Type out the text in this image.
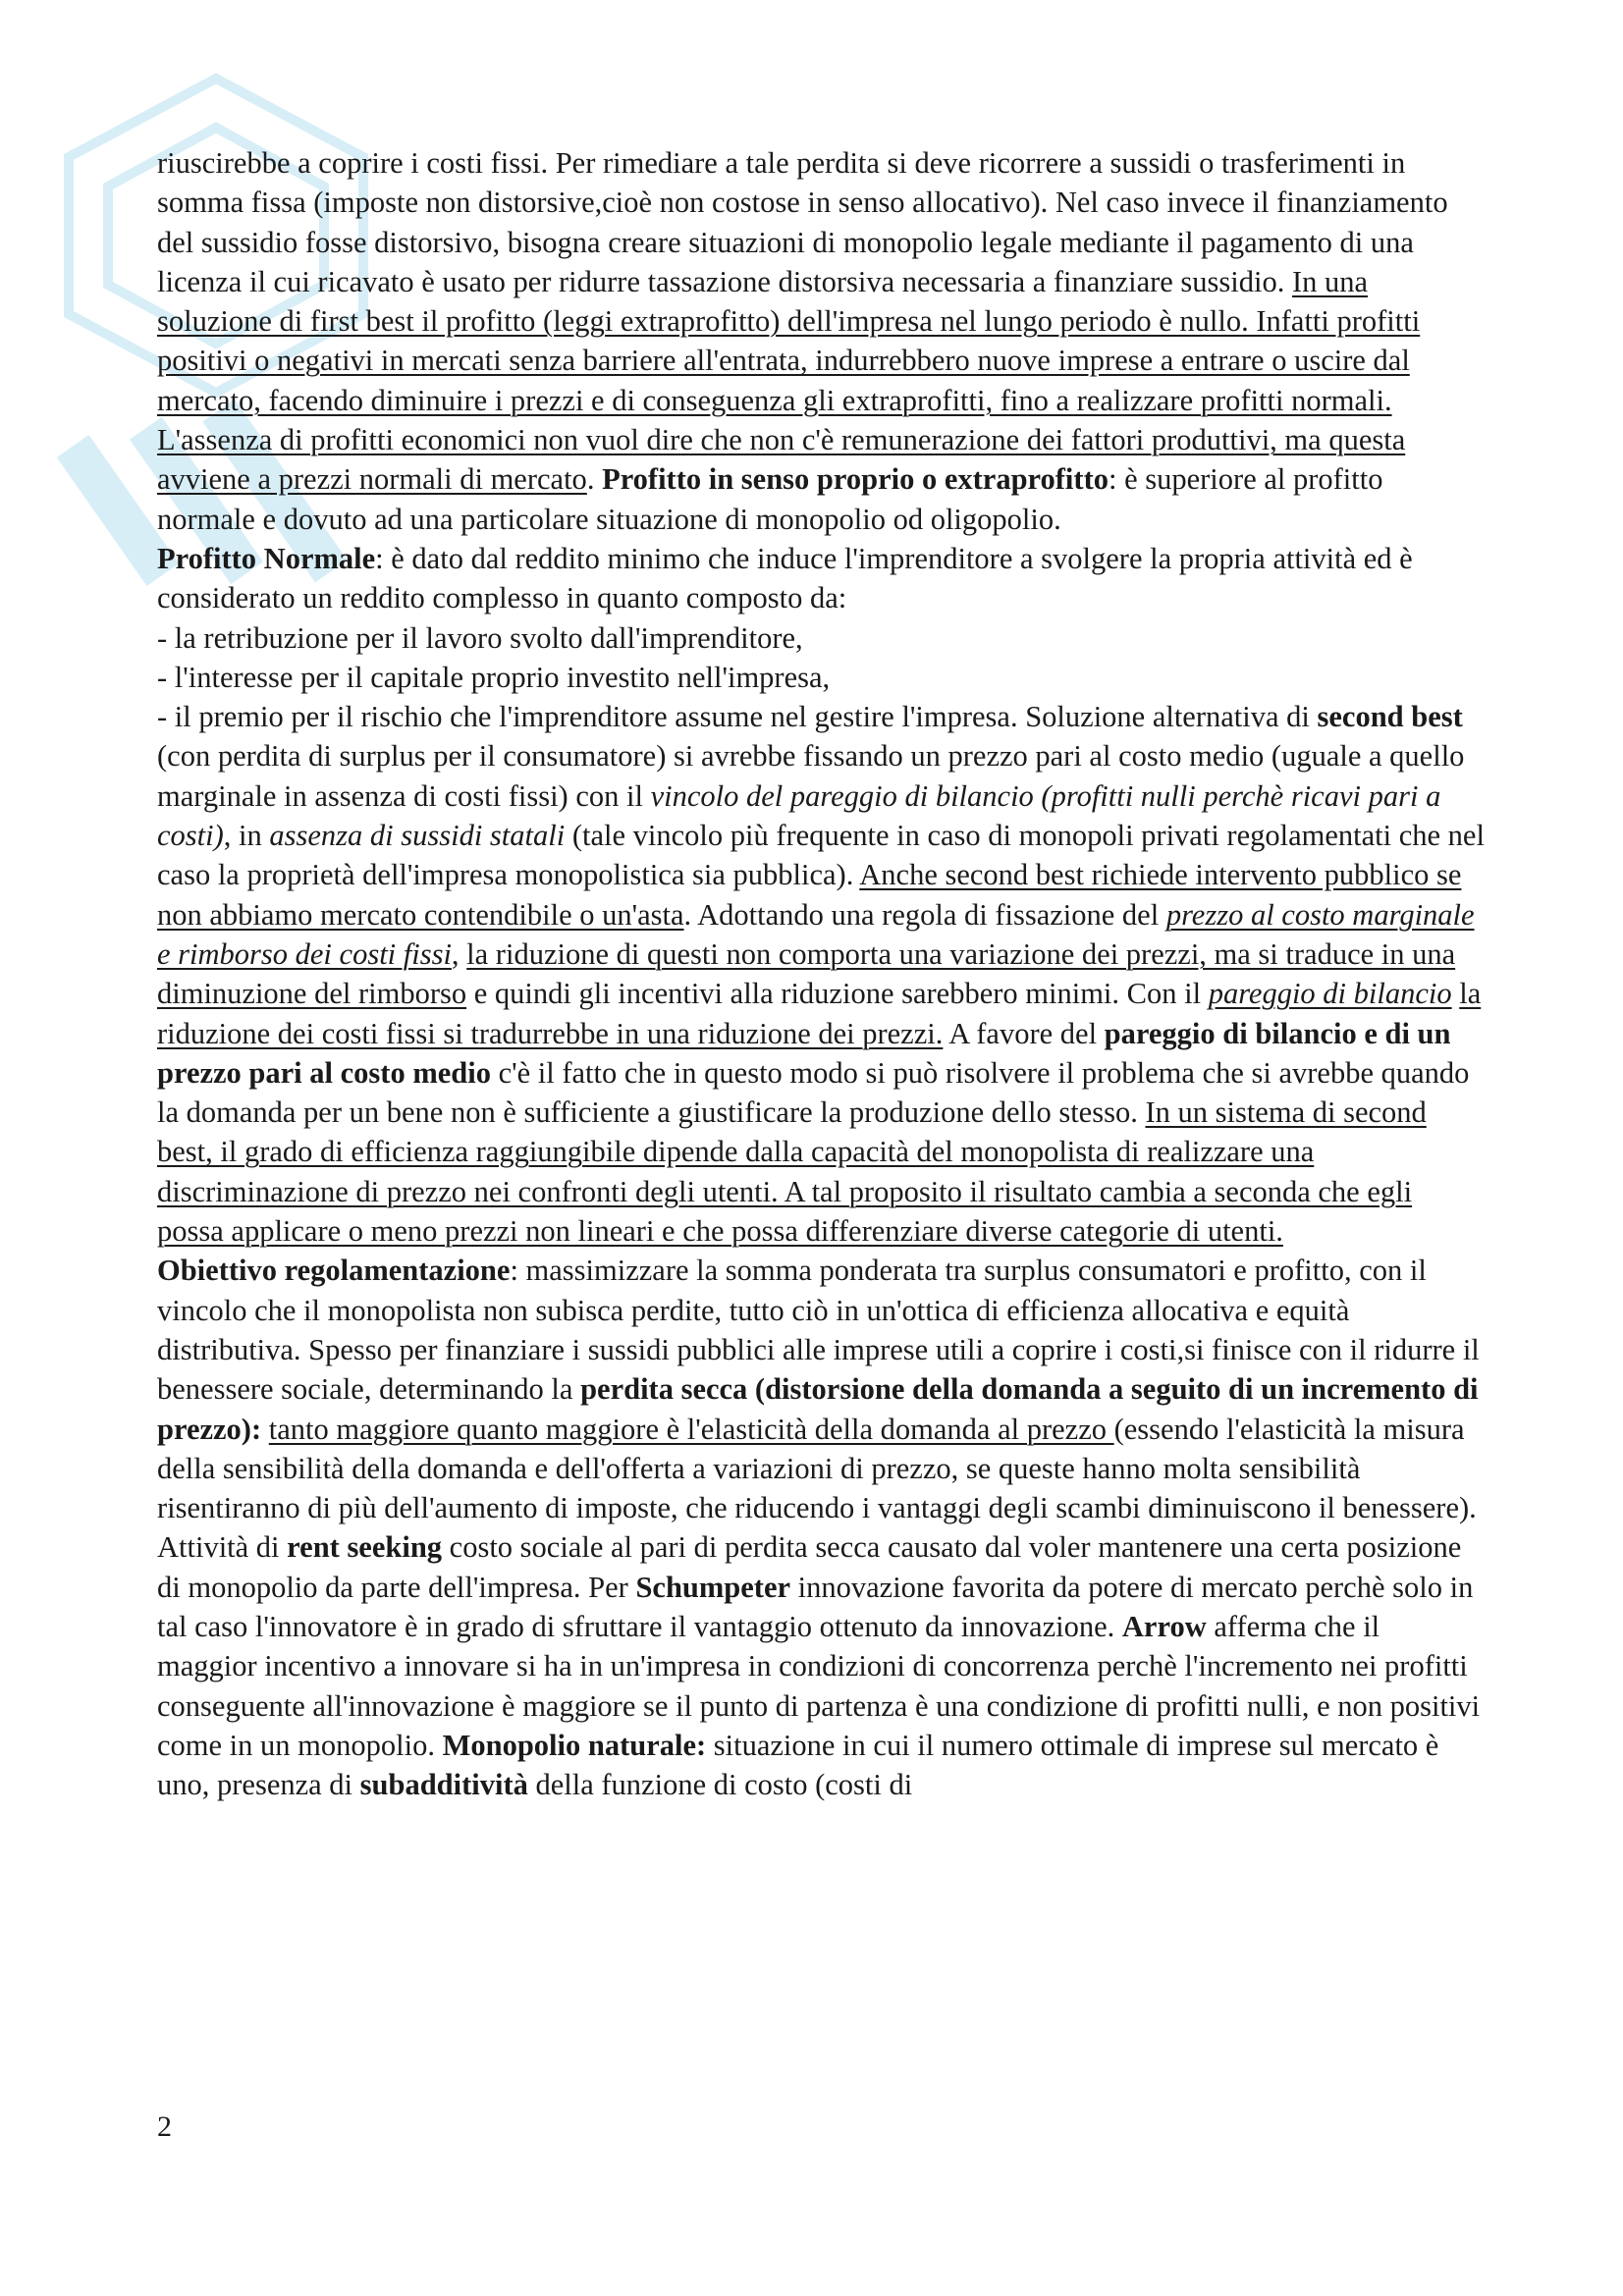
riuscirebbe a coprire i costi fissi. Per rimediare a tale perdita si deve ricorrere a sussidi o trasferimenti in somma fissa (imposte non distorsive,cioè non costose in senso allocativo). Nel caso invece il finanziamento del sussidio fosse distorsivo, bisogna creare situazioni di monopolio legale mediante il pagamento di una licenza il cui ricavato è usato per ridurre tassazione distorsiva necessaria a finanziare sussidio. In una soluzione di first best il profitto (leggi extraprofitto) dell'impresa nel lungo periodo è nullo. Infatti profitti positivi o negativi in mercati senza barriere all'entrata, indurrebbero nuove imprese a entrare o uscire dal mercato, facendo diminuire i prezzi e di conseguenza gli extraprofitti, fino a realizzare profitti normali. L'assenza di profitti economici non vuol dire che non c'è remunerazione dei fattori produttivi, ma questa avviene a prezzi normali di mercato. Profitto in senso proprio o extraprofitto: è superiore al profitto normale e dovuto ad una particolare situazione di monopolio od oligopolio.

Profitto Normale: è dato dal reddito minimo che induce l'imprenditore a svolgere la propria attività ed è considerato un reddito complesso in quanto composto da:

- la retribuzione per il lavoro svolto dall'imprenditore,

- l'interesse per il capitale proprio investito nell'impresa,

- il premio per il rischio che l'imprenditore assume nel gestire l'impresa. Soluzione alternativa di second best (con perdita di surplus per il consumatore) si avrebbe fissando un prezzo pari al costo medio (uguale a quello marginale in assenza di costi fissi) con il vincolo del pareggio di bilancio (profitti nulli perchè ricavi pari a costi), in assenza di sussidi statali (tale vincolo più frequente in caso di monopoli privati regolamentati che nel caso la proprietà dell'impresa monopolistica sia pubblica). Anche second best richiede intervento pubblico se non abbiamo mercato contendibile o un'asta. Adottando una regola di fissazione del prezzo al costo marginale e rimborso dei costi fissi, la riduzione di questi non comporta una variazione dei prezzi, ma si traduce in una diminuzione del rimborso e quindi gli incentivi alla riduzione sarebbero minimi. Con il pareggio di bilancio la riduzione dei costi fissi si tradurrebbe in una riduzione dei prezzi. A favore del pareggio di bilancio e di un prezzo pari al costo medio c'è il fatto che in questo modo si può risolvere il problema che si avrebbe quando la domanda per un bene non è sufficiente a giustificare la produzione dello stesso. In un sistema di second best, il grado di efficienza raggiungibile dipende dalla capacità del monopolista di realizzare una discriminazione di prezzo nei confronti degli utenti. A tal proposito il risultato cambia a seconda che egli possa applicare o meno prezzi non lineari e che possa differenziare diverse categorie di utenti.

Obiettivo regolamentazione: massimizzare la somma ponderata tra surplus consumatori e profitto, con il vincolo che il monopolista non subisca perdite, tutto ciò in un'ottica di efficienza allocativa e equità distributiva. Spesso per finanziare i sussidi pubblici alle imprese utili a coprire i costi,si finisce con il ridurre il benessere sociale, determinando la perdita secca (distorsione della domanda a seguito di un incremento di prezzo): tanto maggiore quanto maggiore è l'elasticità della domanda al prezzo (essendo l'elasticità la misura della sensibilità della domanda e dell'offerta a variazioni di prezzo, se queste hanno molta sensibilità risentiranno di più dell'aumento di imposte, che riducendo i vantaggi degli scambi diminuiscono il benessere). Attività di rent seeking costo sociale al pari di perdita secca causato dal voler mantenere una certa posizione di monopolio da parte dell'impresa. Per Schumpeter innovazione favorita da potere di mercato perchè solo in tal caso l'innovatore è in grado di sfruttare il vantaggio ottenuto da innovazione. Arrow afferma che il maggior incentivo a innovare si ha in un'impresa in condizioni di concorrenza perchè l'incremento nei profitti conseguente all'innovazione è maggiore se il punto di partenza è una condizione di profitti nulli, e non positivi come in un monopolio. Monopolio naturale: situazione in cui il numero ottimale di imprese sul mercato è uno, presenza di subadditività della funzione di costo (costi di

2
